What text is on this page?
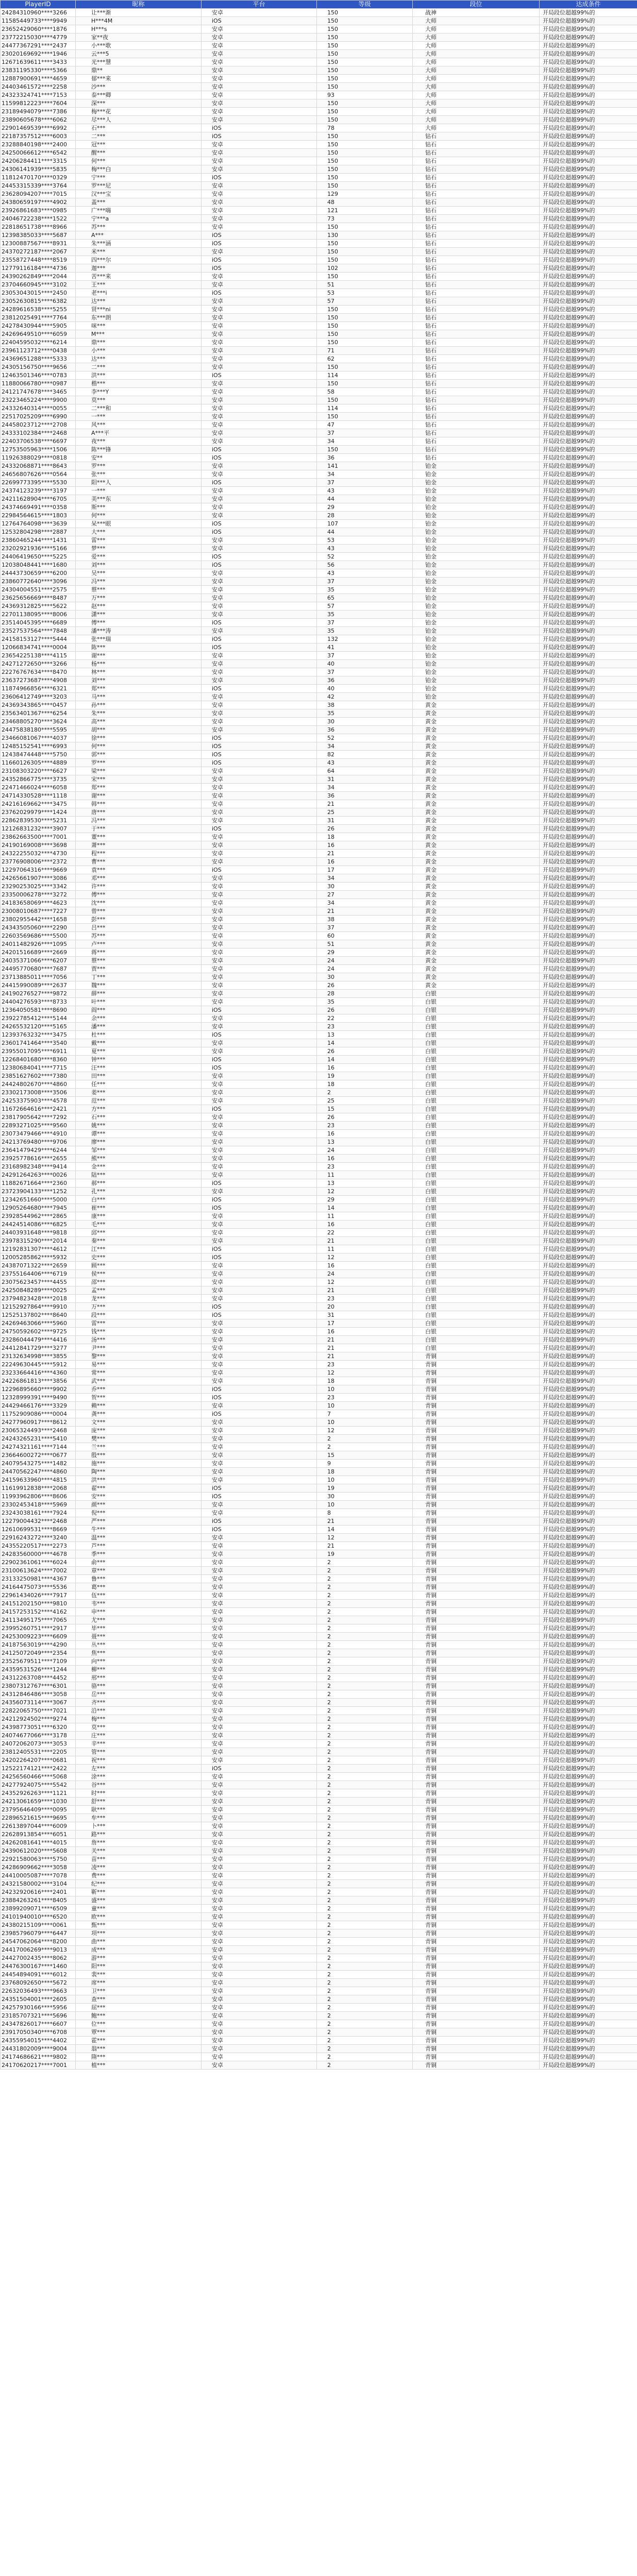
PlayerID	昵称	平台	等级	段位	达成条件
24284310960****3266	让***渐	安卓	150	战神	开局段位超越99%的
11585449733****9949	H***4M	iOS	150	大师	开局段位超越99%的
23652429060****1876	H***s	安卓	150	大师	开局段位超越99%的
23772215030****4779	家**夜	安卓	150	大师	开局段位超越99%的
24477367291****2437	小***歌	安卓	150	大师	开局段位超越99%的
23020169692****1946	云***5	安卓	150	大师	开局段位超越99%的
12671639611****3433	光***慧	安卓	150	大师	开局段位超越99%的
23831195330****5366	鼎**	安卓	150	大师	开局段位超越99%的
12887900691****4659	郁***来	安卓	150	大师	开局段位超越99%的
24403461572****2258	沙***	安卓	150	大师	开局段位超越99%的
24323324741****7153	泰***卿	安卓	93	大师	开局段位超越99%的
11599812223****7604	深***	安卓	150	大师	开局段位超越99%的
23189494079****7386	梅***花	安卓	150	大师	开局段位超越99%的
23890605678****6062	尽***人	安卓	150	大师	开局段位超越99%的
22901469539****6992	石***	iOS	78	大师	开局段位超越99%的
22187357512****6003	二***	iOS	150	钻石	开局段位超越99%的
23288840198****2400	冠***	安卓	150	钻石	开局段位超越99%的
24250066612****6542	醒***	安卓	150	钻石	开局段位超越99%的
24206284411****3315	何***	安卓	150	钻石	开局段位超越99%的
24306141939****5835	梅***白	安卓	150	钻石	开局段位超越99%的
11812470170****0329	宁***	iOS	150	钻石	开局段位超越99%的
24453315339****3764	罗***尼	安卓	150	钻石	开局段位超越99%的
23628094207****7015	汉***宝	安卓	129	钻石	开局段位超越99%的
24380659197****4902	盖***	安卓	48	钻石	开局段位超越99%的
23926861683****0985	广***嗨	安卓	121	钻石	开局段位超越99%的
24046722238****1522	宁***a	安卓	73	钻石	开局段位超越99%的
22818651738****8966	苏***	安卓	150	钻石	开局段位超越99%的
12398385033****5687	A***	iOS	130	钻石	开局段位超越99%的
12300887567****8931	朱***涵	iOS	150	钻石	开局段位超越99%的
24370272187****2067	米***	安卓	150	钻石	开局段位超越99%的
23558727448****8519	四***尔	iOS	150	钻石	开局段位超越99%的
12779116184****4736	迦***	iOS	102	钻石	开局段位超越99%的
24390262849****2044	苦***来	安卓	150	钻石	开局段位超越99%的
23704660945****3102	王***	安卓	51	钻石	开局段位超越99%的
23053043015****2450	老***i	iOS	53	钻石	开局段位超越99%的
23052630815****6382	达***	安卓	57	钻石	开局段位超越99%的
24289616538****5255	贤***ni	安卓	150	钻石	开局段位超越99%的
23812025491****7764	东***朗	安卓	150	钻石	开局段位超越99%的
24278430944****5905	咪***	安卓	150	钻石	开局段位超越99%的
24269649510****6059	M***	安卓	150	钻石	开局段位超越99%的
22404595032****6214	鼎***	安卓	150	钻石	开局段位超越99%的
23961123712****0438	小***	安卓	71	钻石	开局段位超越99%的
24369651288****5333	达***	安卓	62	钻石	开局段位超越99%的
24305156750****9656	二***	安卓	150	钻石	开局段位超越99%的
12463501346****0783	洪***	iOS	114	钻石	开局段位超越99%的
11880066780****0987	楷***	安卓	150	钻石	开局段位超越99%的
24121747678****3465	李***Y	安卓	58	钻石	开局段位超越99%的
23223465224****9900	莫***	安卓	150	钻石	开局段位超越99%的
24332640314****0055	二***和	安卓	114	钻石	开局段位超越99%的
22517025209****6990	一***	安卓	150	钻石	开局段位超越99%的
24458023712****2708	风***	安卓	47	钻石	开局段位超越99%的
24333102384****2468	A***平	安卓	37	钻石	开局段位超越99%的
22403706538****6697	夜***	安卓	34	钻石	开局段位超越99%的
12753505963****1506	陈***锋	iOS	150	钻石	开局段位超越99%的
11926388029****0818	安**	iOS	36	钻石	开局段位超越99%的
24332068871****8643	罗***	安卓	141	铂金	开局段位超越99%的
24656807626****0564	张***	安卓	34	铂金	开局段位超越99%的
22699773395****5530	阳***人	iOS	37	铂金	开局段位超越99%的
24374123239****3197	一***	安卓	43	铂金	开局段位超越99%的
24211628904****6705	美***东	安卓	44	铂金	开局段位超越99%的
24374669491****0358	斯***	安卓	29	铂金	开局段位超越99%的
22984564615****1803	何***	安卓	28	铂金	开局段位超越99%的
12764764098****3639	呆***眼	iOS	107	铂金	开局段位超越99%的
12532804298****2887	大***	iOS	44	铂金	开局段位超越99%的
23860465244****1431	雷***	安卓	53	铂金	开局段位超越99%的
23202921936****5166	梦***	安卓	43	铂金	开局段位超越99%的
24406419650****5225	爱***	iOS	52	铂金	开局段位超越99%的
12038048441****1680	刘***	iOS	56	铂金	开局段位超越99%的
24443730659****6200	吴***	安卓	43	铂金	开局段位超越99%的
23860772640****3096	冯***	安卓	37	铂金	开局段位超越99%的
24304004551****2575	蔡***	安卓	35	铂金	开局段位超越99%的
23625656669****8487	万***	安卓	65	铂金	开局段位超越99%的
24369312825****5622	赵***	安卓	57	铂金	开局段位超越99%的
22701138095****8006	潇***	安卓	35	铂金	开局段位超越99%的
23514045395****6689	傅***	iOS	37	铂金	开局段位超越99%的
23527537564****7848	潘***涛	安卓	35	铂金	开局段位超越99%的
24158153127****5444	张***瑞	iOS	132	铂金	开局段位超越99%的
12066834741****0004	陈***	iOS	41	铂金	开局段位超越99%的
23654225138****4115	谢***	安卓	37	铂金	开局段位超越99%的
24271272650****3266	杨***	安卓	40	铂金	开局段位超越99%的
22276767634****8470	林***	安卓	37	铂金	开局段位超越99%的
23637273687****4908	刘***	安卓	36	铂金	开局段位超越99%的
11874966856****6321	郑***	iOS	40	铂金	开局段位超越99%的
23606412749****3203	马***	安卓	42	铂金	开局段位超越99%的
24369343865****0457	孙***	安卓	38	黄金	开局段位超越99%的
23563401367****6254	朱***	安卓	35	黄金	开局段位超越99%的
23468805270****3624	高***	安卓	30	黄金	开局段位超越99%的
24475838180****5595	胡***	安卓	36	黄金	开局段位超越99%的
23466081067****4037	徐***	iOS	52	黄金	开局段位超越99%的
12485152541****6993	何***	iOS	34	黄金	开局段位超越99%的
12438474448****5750	郭***	iOS	82	黄金	开局段位超越99%的
11660126305****4889	罗***	iOS	43	黄金	开局段位超越99%的
23108303220****6627	梁***	安卓	64	黄金	开局段位超越99%的
24352866775****3735	宋***	安卓	31	黄金	开局段位超越99%的
22471466024****6058	郑***	安卓	34	黄金	开局段位超越99%的
24714330528****1118	谢***	安卓	36	黄金	开局段位超越99%的
24216169662****3475	韩***	安卓	21	黄金	开局段位超越99%的
23762029979****1424	唐***	安卓	25	黄金	开局段位超越99%的
22862839530****5231	冯***	安卓	31	黄金	开局段位超越99%的
12126831232****3907	于***	iOS	26	黄金	开局段位超越99%的
23862663500****7001	董***	安卓	18	黄金	开局段位超越99%的
24190169008****3698	萧***	安卓	16	黄金	开局段位超越99%的
24322255032****4730	程***	安卓	21	黄金	开局段位超越99%的
23776908006****2372	曹***	安卓	16	黄金	开局段位超越99%的
12297064316****9669	袁***	iOS	17	黄金	开局段位超越99%的
24265661907****3086	邓***	安卓	34	黄金	开局段位超越99%的
23290253025****3342	许***	安卓	30	黄金	开局段位超越99%的
23350006278****3272	傅***	安卓	27	黄金	开局段位超越99%的
24183658069****4623	沈***	安卓	34	黄金	开局段位超越99%的
23008010687****7227	曾***	安卓	21	黄金	开局段位超越99%的
23802955442****1658	彭***	安卓	38	黄金	开局段位超越99%的
24343505060****2290	吕***	安卓	37	黄金	开局段位超越99%的
22603569686****5500	苏***	安卓	60	黄金	开局段位超越99%的
24011482926****1095	卢***	安卓	51	黄金	开局段位超越99%的
24201516689****2669	蒋***	安卓	29	黄金	开局段位超越99%的
24035371066****6207	蔡***	安卓	24	黄金	开局段位超越99%的
24495770680****7687	贾***	安卓	24	黄金	开局段位超越99%的
23713885011****7056	丁***	安卓	30	黄金	开局段位超越99%的
24415990089****2637	魏***	安卓	26	黄金	开局段位超越99%的
24190276527****9872	薛***	安卓	28	白银	开局段位超越99%的
24404276593****8733	叶***	安卓	35	白银	开局段位超越99%的
12364050581****8690	阎***	iOS	26	白银	开局段位超越99%的
23922785412****5144	余***	安卓	22	白银	开局段位超越99%的
24265532120****5165	潘***	安卓	23	白银	开局段位超越99%的
12393763232****3475	杜***	iOS	13	白银	开局段位超越99%的
23601741464****3540	戴***	安卓	14	白银	开局段位超越99%的
23955017095****6911	夏***	安卓	26	白银	开局段位超越99%的
12268401680****8360	钟***	iOS	14	白银	开局段位超越99%的
12380684041****7715	汪***	iOS	16	白银	开局段位超越99%的
23851627602****7380	田***	安卓	19	白银	开局段位超越99%的
24424802670****4860	任***	安卓	18	白银	开局段位超越99%的
23302173008****3506	姜***	安卓	2	白银	开局段位超越99%的
24253375903****4578	范***	安卓	25	白银	开局段位超越99%的
11672664616****2421	方***	iOS	15	白银	开局段位超越99%的
23817905642****7292	石***	安卓	26	白银	开局段位超越99%的
22893271025****9560	姚***	安卓	23	白银	开局段位超越99%的
23073479466****4910	谭***	安卓	16	白银	开局段位超越99%的
24213769480****9706	廖***	安卓	13	白银	开局段位超越99%的
23641479429****6244	邹***	安卓	24	白银	开局段位超越99%的
23925778616****2655	熊***	安卓	16	白银	开局段位超越99%的
23168982348****9414	金***	安卓	23	白银	开局段位超越99%的
24291264263****0026	陆***	安卓	11	白银	开局段位超越99%的
11882671664****2360	郝***	iOS	13	白银	开局段位超越99%的
23723904133****1252	孔***	安卓	12	白银	开局段位超越99%的
12342651660****5000	白***	iOS	29	白银	开局段位超越99%的
12905264680****7945	崔***	iOS	14	白银	开局段位超越99%的
23928544962****2865	康***	安卓	11	白银	开局段位超越99%的
24424514086****6825	毛***	安卓	16	白银	开局段位超越99%的
24403931648****9818	邱***	安卓	22	白银	开局段位超越99%的
23978315290****2014	秦***	安卓	21	白银	开局段位超越99%的
12192831307****4612	江***	iOS	11	白银	开局段位超越99%的
12005285862****5932	史***	iOS	12	白银	开局段位超越99%的
24387071322****2659	顾***	安卓	16	白银	开局段位超越99%的
23755164406****6719	侯***	安卓	24	白银	开局段位超越99%的
23075623457****4455	邵***	安卓	12	白银	开局段位超越99%的
24250848289****0025	孟***	安卓	21	白银	开局段位超越99%的
23794823428****2018	龙***	安卓	23	白银	开局段位超越99%的
12152927864****9910	万***	iOS	20	白银	开局段位超越99%的
12525137802****8640	段***	iOS	31	白银	开局段位超越99%的
24269463066****5960	雷***	安卓	17	白银	开局段位超越99%的
24750592602****9725	钱***	安卓	16	白银	开局段位超越99%的
23286044479****4416	汤***	安卓	21	白银	开局段位超越99%的
24412841729****3277	尹***	安卓	21	白银	开局段位超越99%的
23132634998****3855	黎***	安卓	21	青铜	开局段位超越99%的
22249630445****5912	易***	安卓	23	青铜	开局段位超越99%的
23233664416****4360	常***	安卓	12	青铜	开局段位超越99%的
24226861813****3856	武***	安卓	18	青铜	开局段位超越99%的
12296895660****9902	乔***	iOS	10	青铜	开局段位超越99%的
12328999391****9490	贺***	iOS	23	青铜	开局段位超越99%的
24429466176****3329	赖***	安卓	10	青铜	开局段位超越99%的
11752909086****0004	龚***	iOS	7	青铜	开局段位超越99%的
24277960917****8612	文***	安卓	10	青铜	开局段位超越99%的
23065324493****2468	庞***	安卓	12	青铜	开局段位超越99%的
24243265231****5410	樊***	安卓	2	青铜	开局段位超越99%的
24274321161****7144	兰***	安卓	2	青铜	开局段位超越99%的
23664600272****0677	殷***	安卓	15	青铜	开局段位超越99%的
24079543275****1482	施***	安卓	9	青铜	开局段位超越99%的
24470562247****4860	陶***	安卓	18	青铜	开局段位超越99%的
24159633960****4815	洪***	安卓	10	青铜	开局段位超越99%的
11619912838****2068	翟***	iOS	19	青铜	开局段位超越99%的
11993962806****8606	安***	iOS	30	青铜	开局段位超越99%的
23302453418****5969	颜***	安卓	10	青铜	开局段位超越99%的
23243038161****7924	倪***	安卓	8	青铜	开局段位超越99%的
12279004432****2468	严***	iOS	21	青铜	开局段位超越99%的
12610699531****8669	牛***	iOS	14	青铜	开局段位超越99%的
22916243272****3240	温***	安卓	12	青铜	开局段位超越99%的
24355220517****2273	芦***	安卓	21	青铜	开局段位超越99%的
24283560000****4678	季***	安卓	19	青铜	开局段位超越99%的
22902361061****6024	俞***	安卓	2	青铜	开局段位超越99%的
23100613624****7002	章***	安卓	2	青铜	开局段位超越99%的
23133250981****4367	鲁***	安卓	2	青铜	开局段位超越99%的
24164475073****5536	葛***	安卓	2	青铜	开局段位超越99%的
22961434026****7917	伍***	安卓	2	青铜	开局段位超越99%的
24151202150****9810	韦***	安卓	2	青铜	开局段位超越99%的
24157253152****4162	申***	安卓	2	青铜	开局段位超越99%的
24113495175****7065	尤***	安卓	2	青铜	开局段位超越99%的
23995260751****2917	毕***	安卓	2	青铜	开局段位超越99%的
24253009223****6609	聂***	安卓	2	青铜	开局段位超越99%的
24187563019****4290	丛***	安卓	2	青铜	开局段位超越99%的
24125072049****2354	焦***	安卓	2	青铜	开局段位超越99%的
23525679511****7109	向***	安卓	2	青铜	开局段位超越99%的
24359531526****1244	柳***	安卓	2	青铜	开局段位超越99%的
24312263708****4452	邢***	安卓	2	青铜	开局段位超越99%的
23807312767****6301	骆***	安卓	2	青铜	开局段位超越99%的
24312846486****3058	岳***	安卓	2	青铜	开局段位超越99%的
24356073114****3067	齐***	安卓	2	青铜	开局段位超越99%的
22822065750****7021	沿***	安卓	2	青铜	开局段位超越99%的
24212924502****9274	梅***	安卓	2	青铜	开局段位超越99%的
24398773051****6320	莫***	安卓	2	青铜	开局段位超越99%的
24074677066****3178	庄***	安卓	2	青铜	开局段位超越99%的
24072062073****3053	辛***	安卓	2	青铜	开局段位超越99%的
23812405531****2205	管***	安卓	2	青铜	开局段位超越99%的
24202264207****0681	祝***	安卓	2	青铜	开局段位超越99%的
12522174121****2422	左***	iOS	2	青铜	开局段位超越99%的
24256560466****5068	涂***	安卓	2	青铜	开局段位超越99%的
24277924075****5542	谷***	安卓	2	青铜	开局段位超越99%的
24352926263****1121	时***	安卓	2	青铜	开局段位超越99%的
24213061659****1030	舒***	安卓	2	青铜	开局段位超越99%的
23795646409****0095	耿***	安卓	2	青铜	开局段位超越99%的
22896521615****9695	牟***	安卓	2	青铜	开局段位超越99%的
22613897044****6009	卜***	安卓	2	青铜	开局段位超越99%的
22628913854****6051	路***	安卓	2	青铜	开局段位超越99%的
24262081641****4015	詹***	安卓	2	青铜	开局段位超越99%的
24390612020****5608	关***	安卓	2	青铜	开局段位超越99%的
22921580063****5750	苗***	安卓	2	青铜	开局段位超越99%的
24286909662****3058	凌***	安卓	2	青铜	开局段位超越99%的
24410005087****7078	费***	安卓	2	青铜	开局段位超越99%的
24321580002****3104	纪***	安卓	2	青铜	开局段位超越99%的
24232920616****2401	靳***	安卓	2	青铜	开局段位超越99%的
23884263261****8405	盛***	安卓	2	青铜	开局段位超越99%的
23899209071****6509	童***	安卓	2	青铜	开局段位超越99%的
24101940010****6520	欧***	安卓	2	青铜	开局段位超越99%的
24380215109****0061	甄***	安卓	2	青铜	开局段位超越99%的
23985796079****6447	项***	安卓	2	青铜	开局段位超越99%的
24547062064****8200	曲***	安卓	2	青铜	开局段位超越99%的
24417006269****9013	成***	安卓	2	青铜	开局段位超越99%的
24427002435****8062	游***	安卓	2	青铜	开局段位超越99%的
24476300167****1460	阳***	安卓	2	青铜	开局段位超越99%的
24454894091****6012	裴***	安卓	2	青铜	开局段位超越99%的
23768092650****5672	席***	安卓	2	青铜	开局段位超越99%的
22632036493****9663	卫***	安卓	2	青铜	开局段位超越99%的
24351504001****2605	查***	安卓	2	青铜	开局段位超越99%的
24257930166****5956	屈***	安卓	2	青铜	开局段位超越99%的
23185707321****5696	鲍***	安卓	2	青铜	开局段位超越99%的
24347826017****6607	位***	安卓	2	青铜	开局段位超越99%的
23917050340****6708	覃***	安卓	2	青铜	开局段位超越99%的
24355954015****4402	霍***	安卓	2	青铜	开局段位超越99%的
24431802009****9004	翁***	安卓	2	青铜	开局段位超越99%的
24174686621****9802	隋***	安卓	2	青铜	开局段位超越99%的
24170620217****7001	植***	安卓	2	青铜	开局段位超越99%的
